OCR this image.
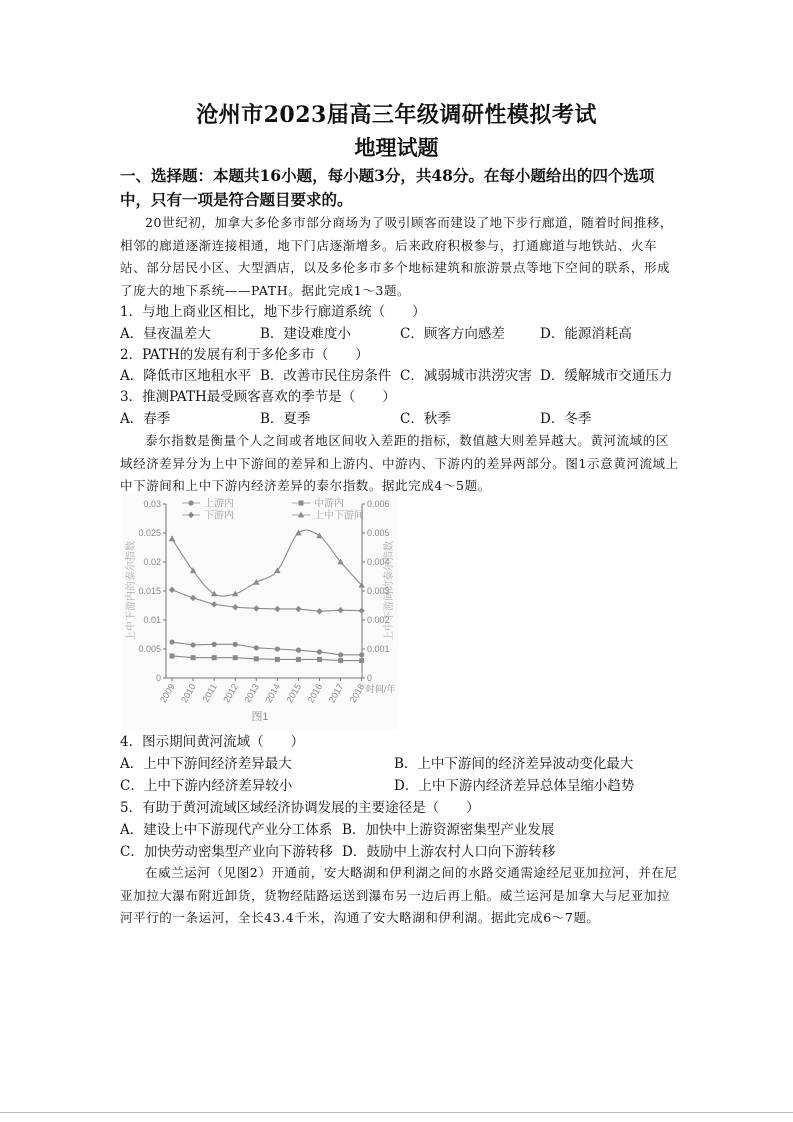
沧州市2023届高三年级调研性模拟考试
地理试题
一、选择题：本题共16小题，每小题3分，共48分。在每小题给出的四个选项
中，只有一项是符合题目要求的。
20世纪初，加拿大多伦多市部分商场为了吸引顾客而建设了地下步行廊道，随着时间推移，相邻的廊道逐渐连接相通，地下门店逐渐增多。后来政府积极参与，打通廊道与地铁站、火车站、部分居民小区、大型酒店，以及多伦多市多个地标建筑和旅游景点等地下空间的联系，形成了庞大的地下系统——PATH。据此完成1～3题。
1．与地上商业区相比，地下步行廊道系统（　　）
A．昼夜温差大	B．建设难度小	C．顾客方向感差	D．能源消耗高
2．PATH的发展有利于多伦多市（　　）
A．降低市区地租水平 B．改善市民住房条件 C．减弱城市洪涝灾害 D．缓解城市交通压力
3．推测PATH最受顾客喜欢的季节是（　　）
A．春季	B．夏季	C．秋季	D．冬季
泰尔指数是衡量个人之间或者地区间收入差距的指标，数值越大则差异越大。黄河流域的区域经济差异分为上中下游间的差异和上游内、中游内、下游内的差异两部分。图1示意黄河流域上中下游间和上中下游内经济差异的泰尔指数。据此完成4～5题。
0
0.005
0.01
0.015
0.02
0.025
0.03
0
0.001
0.002
0.003
0.004
0.005
0.006
2009 2010 2011 2012 2013 2014 2015 2016 2017 2018 时间/年
上中下游内的泰尔指数	上中下游间的泰尔指数
上游内	中游内
下游内	上中下游间
图1
4．图示期间黄河流域（　　）
A．上中下游间经济差异最大	B．上中下游间的经济差异波动变化最大
C．上中下游内经济差异较小	D．上中下游内经济差异总体呈缩小趋势
5．有助于黄河流域区域经济协调发展的主要途径是（　　）
A．建设上中下游现代产业分工体系 B．加快中上游资源密集型产业发展
C．加快劳动密集型产业向下游转移 D．鼓励中上游农村人口向下游转移
在威兰运河（见图2）开通前，安大略湖和伊利湖之间的水路交通需途经尼亚加拉河，并在尼亚加拉大瀑布附近卸货，货物经陆路运送到瀑布另一边后再上船。威兰运河是加拿大与尼亚加拉河平行的一条运河，全长43.4千米，沟通了安大略湖和伊利湖。据此完成6～7题。
